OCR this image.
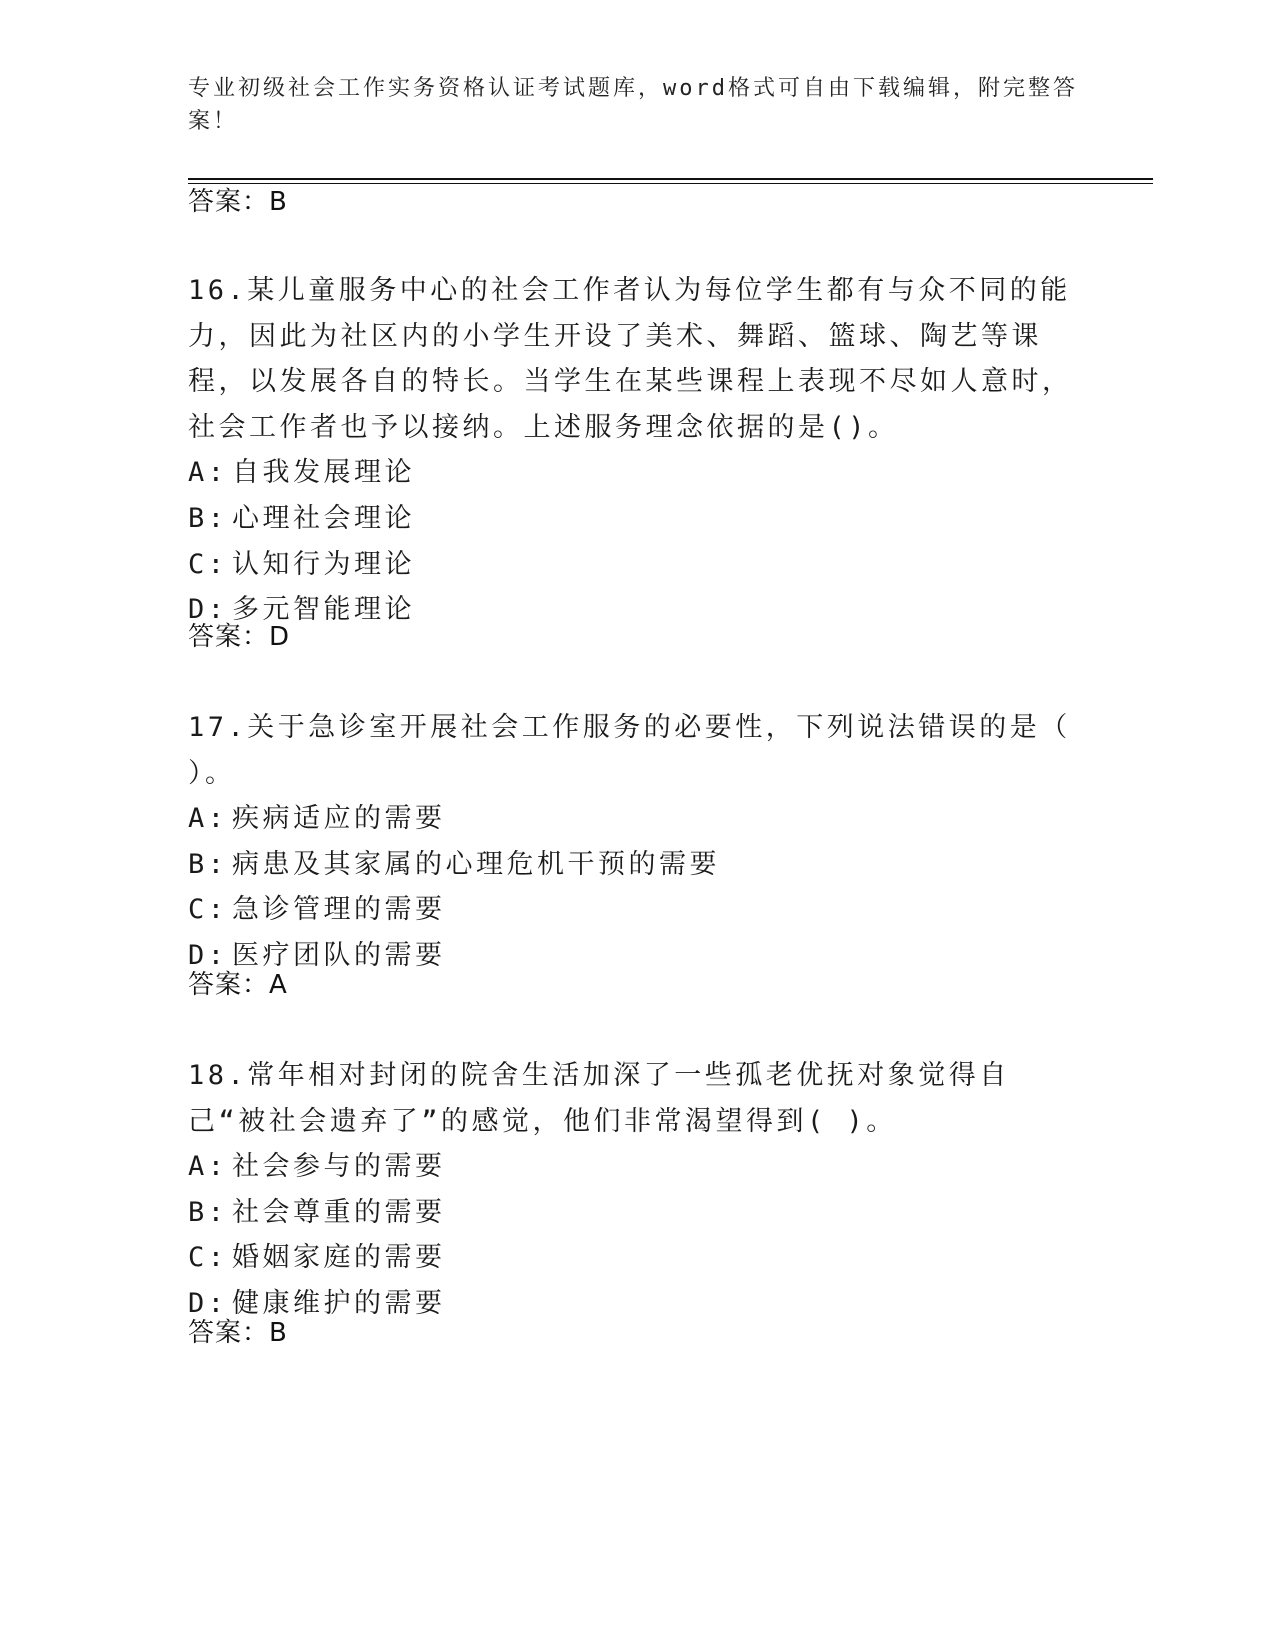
专业初级社会工作实务资格认证考试题库，word格式可自由下载编辑，附完整答案！
答案：B
16.某儿童服务中心的社会工作者认为每位学生都有与众不同的能力，因此为社区内的小学生开设了美术、舞蹈、篮球、陶艺等课程，以发展各自的特长。当学生在某些课程上表现不尽如人意时，社会工作者也予以接纳。上述服务理念依据的是()。
A: 自我发展理论
B: 心理社会理论
C: 认知行为理论
D: 多元智能理论
答案：D
17.关于急诊室开展社会工作服务的必要性，下列说法错误的是（ ）。
A: 疾病适应的需要
B: 病患及其家属的心理危机干预的需要
C: 急诊管理的需要
D: 医疗团队的需要
答案：A
18.常年相对封闭的院舍生活加深了一些孤老优抚对象觉得自己“被社会遗弃了”的感觉，他们非常渴望得到( )。
A: 社会参与的需要
B: 社会尊重的需要
C: 婚姻家庭的需要
D: 健康维护的需要
答案：B
